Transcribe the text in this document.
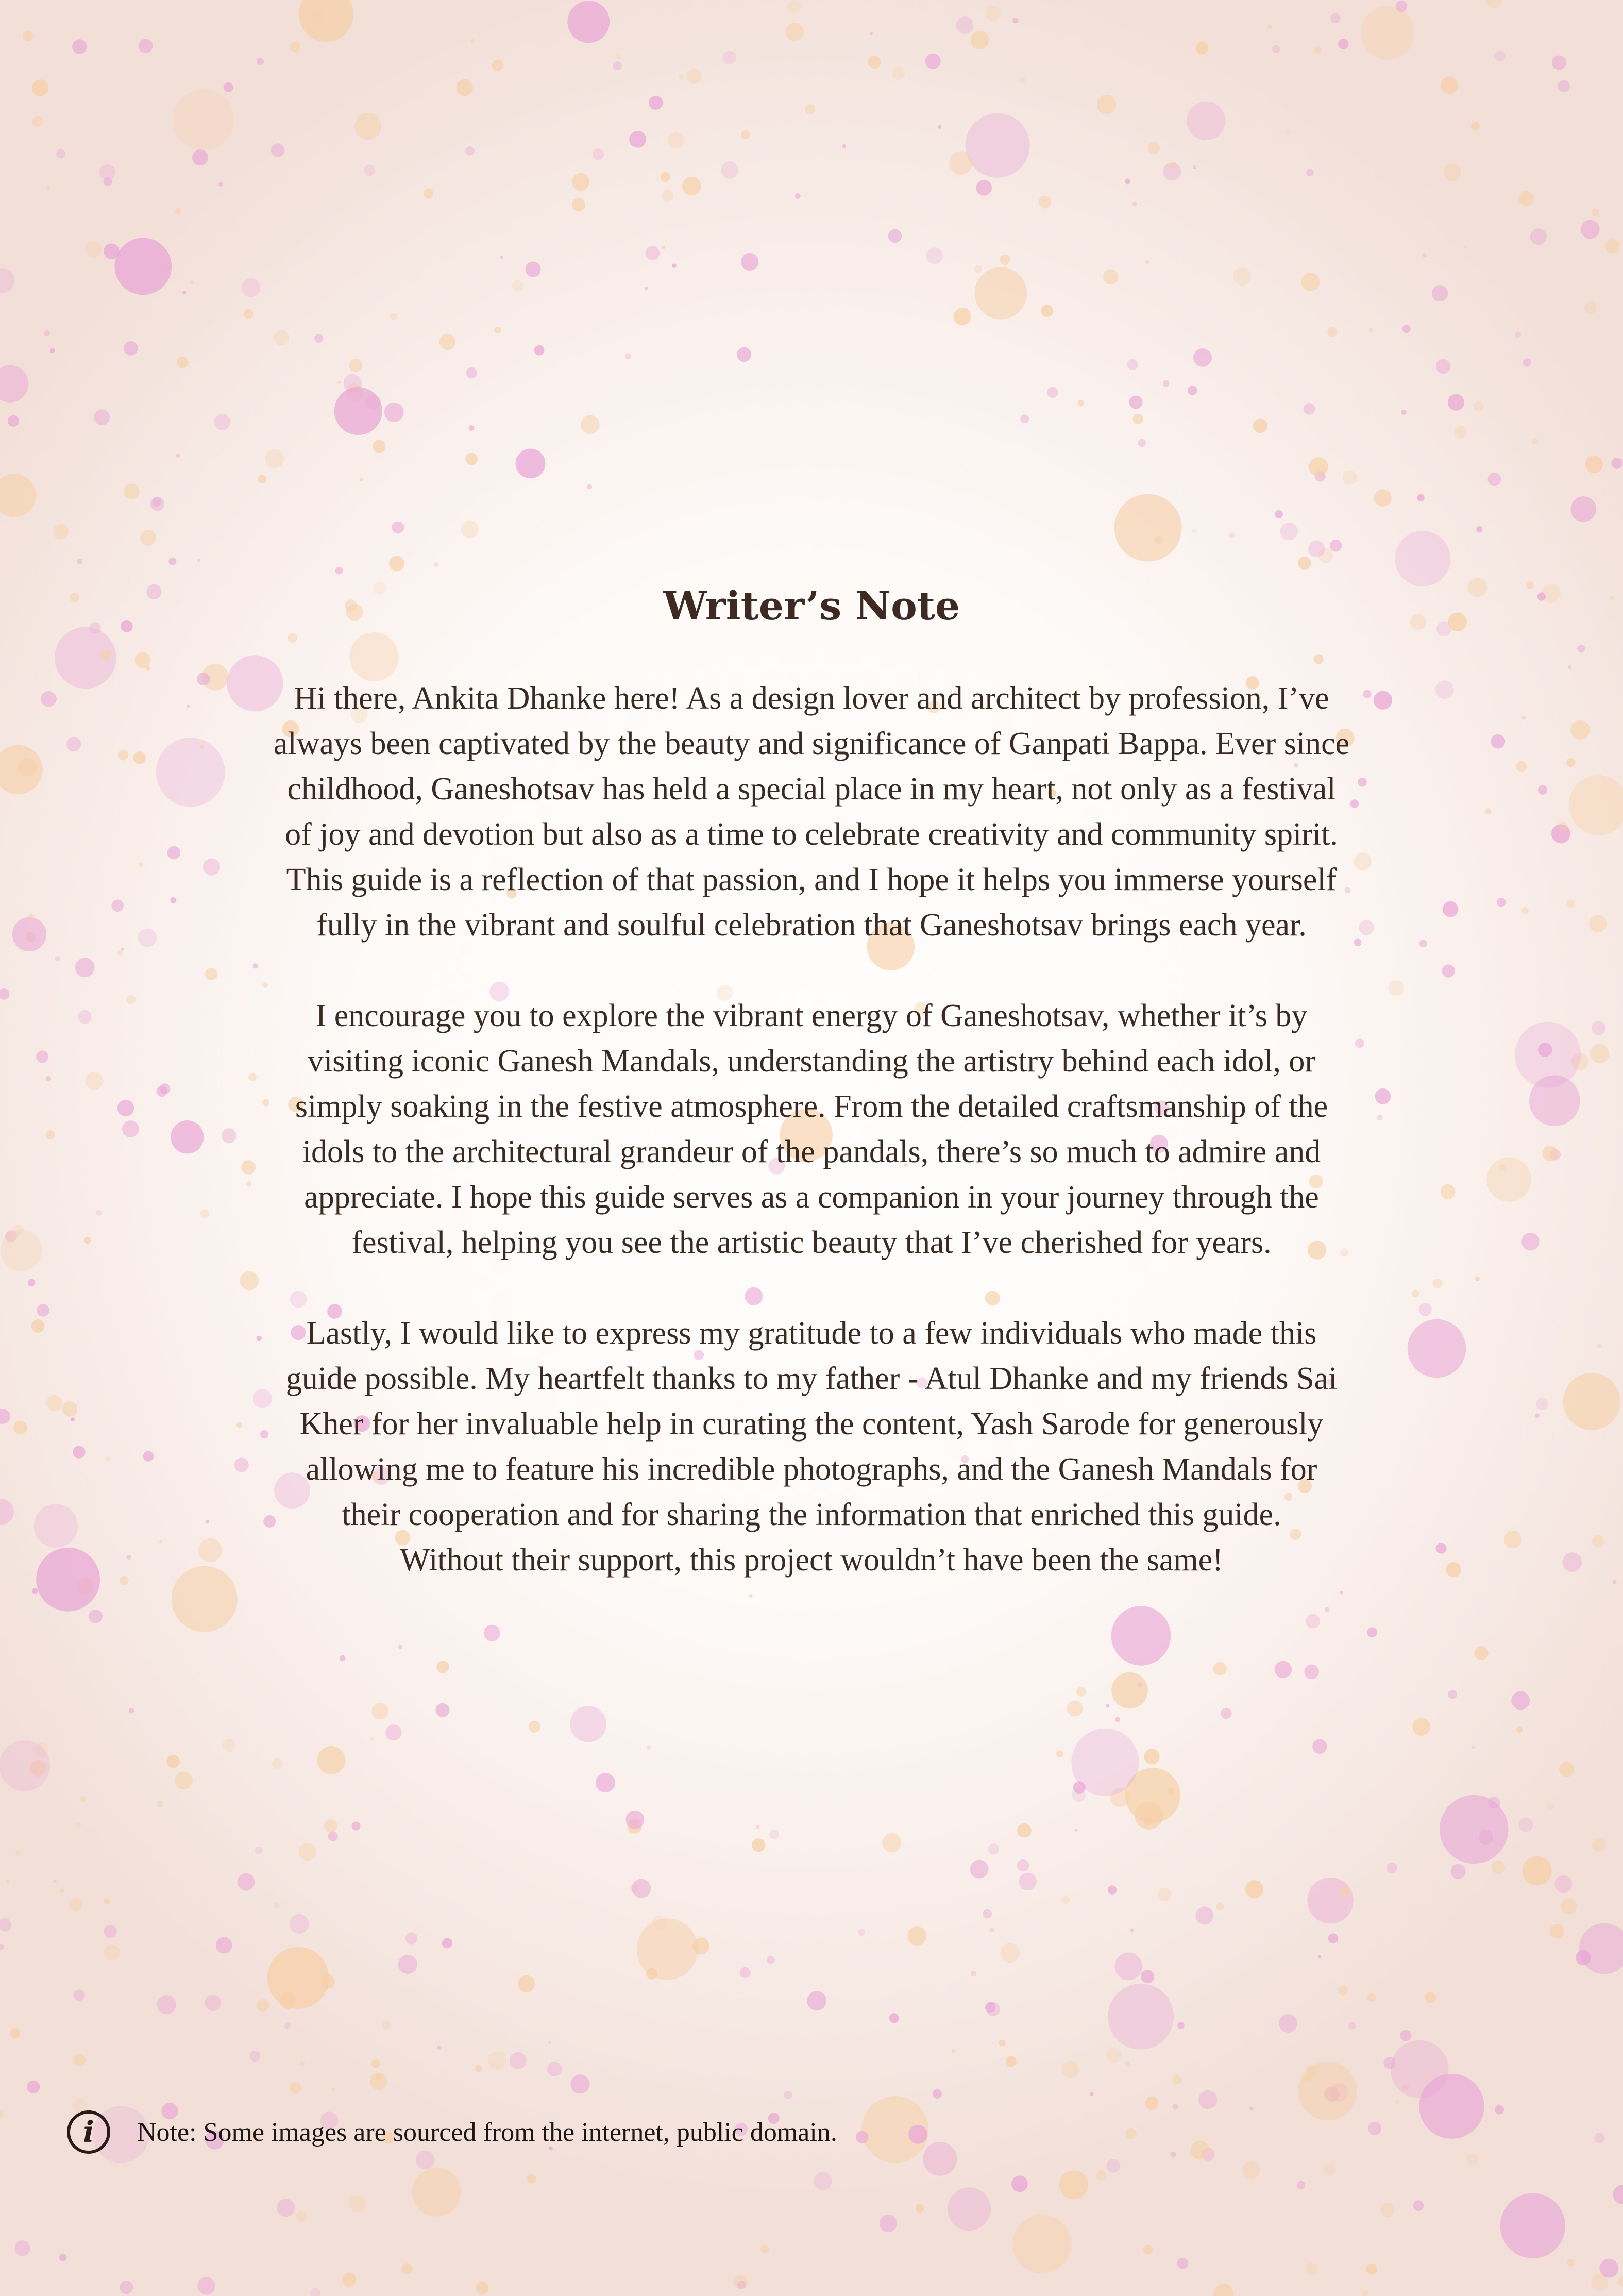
Writer’s Note

Hi there, Ankita Dhanke here! As a design lover and architect by profession, I’ve
always been captivated by the beauty and significance of Ganpati Bappa. Ever since
childhood, Ganeshotsav has held a special place in my heart, not only as a festival
of joy and devotion but also as a time to celebrate creativity and community spirit.
This guide is a reflection of that passion, and I hope it helps you immerse yourself
fully in the vibrant and soulful celebration that Ganeshotsav brings each year.

I encourage you to explore the vibrant energy of Ganeshotsav, whether it’s by
visiting iconic Ganesh Mandals, understanding the artistry behind each idol, or
simply soaking in the festive atmosphere. From the detailed craftsmanship of the
idols to the architectural grandeur of the pandals, there’s so much to admire and
appreciate. I hope this guide serves as a companion in your journey through the
festival, helping you see the artistic beauty that I’ve cherished for years.

Lastly, I would like to express my gratitude to a few individuals who made this
guide possible. My heartfelt thanks to my father - Atul Dhanke and my friends Sai
Kher for her invaluable help in curating the content, Yash Sarode for generously
allowing me to feature his incredible photographs, and the Ganesh Mandals for
their cooperation and for sharing the information that enriched this guide.
Without their support, this project wouldn’t have been the same!

i	Note: Some images are sourced from the internet, public domain.
